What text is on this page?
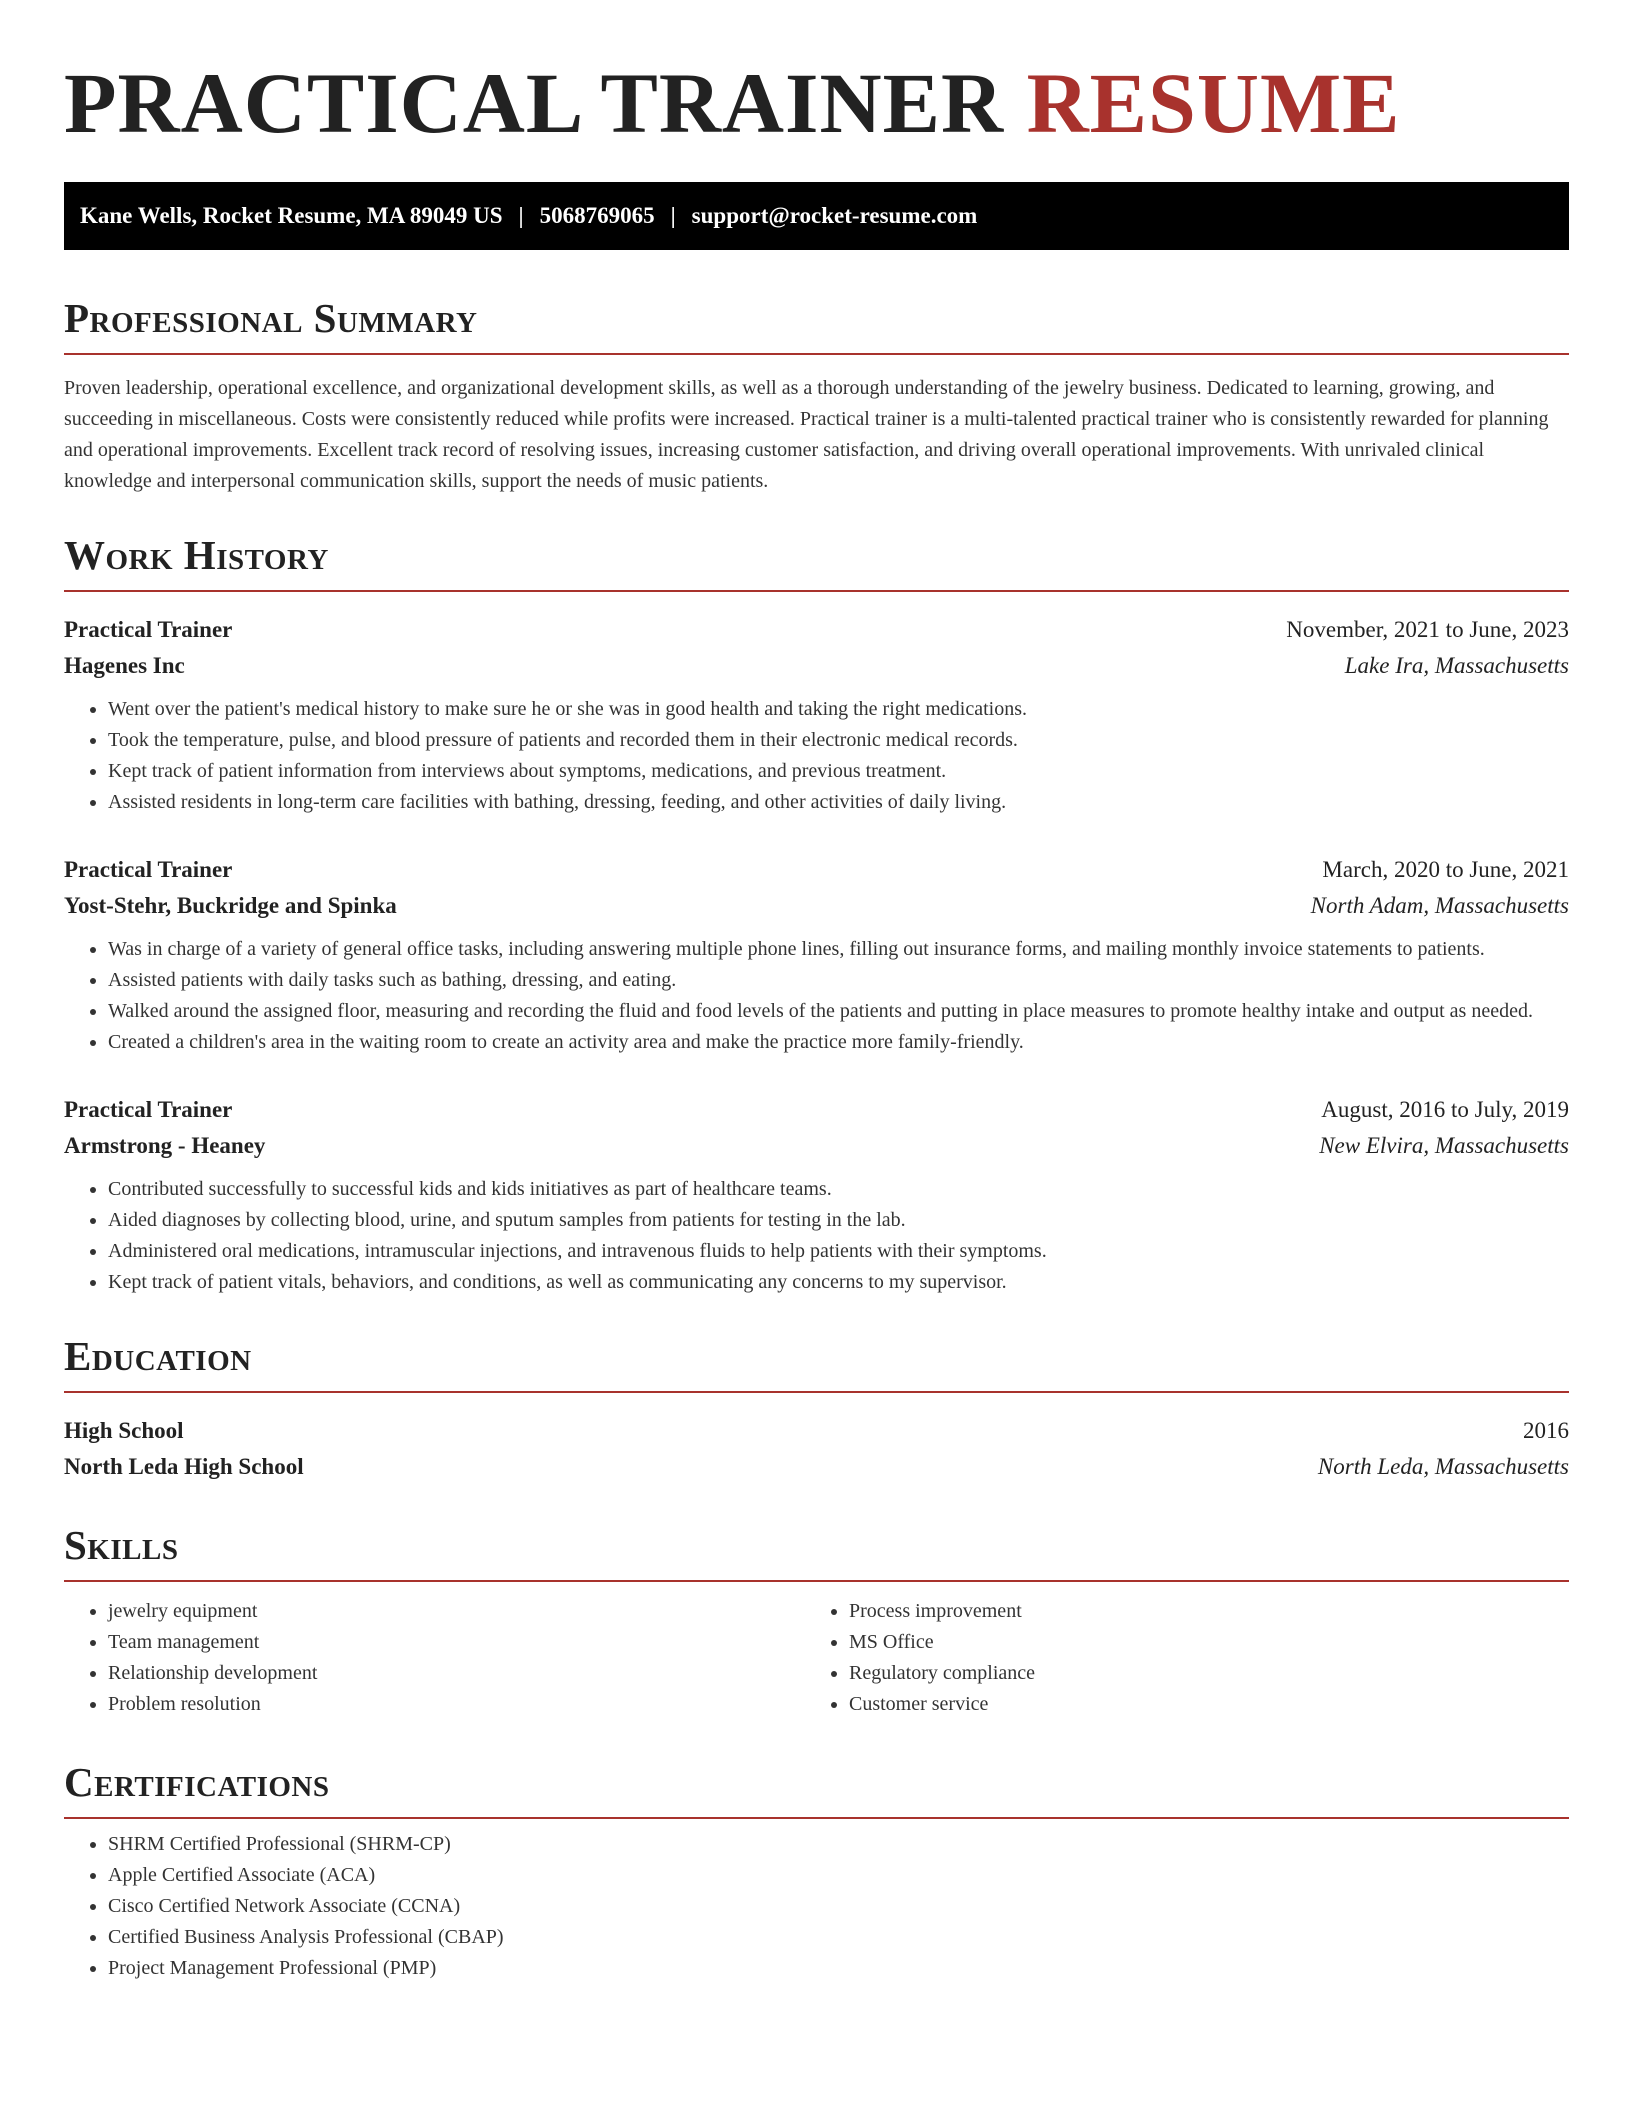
PRACTICAL TRAINER RESUME
Kane Wells, Rocket Resume, MA 89049 US | 5068769065 | support@rocket-resume.com
Professional Summary

Proven leadership, operational excellence, and organizational development skills, as well as a thorough understanding of the jewelry business. Dedicated to learning, growing, and succeeding in miscellaneous. Costs were consistently reduced while profits were increased. Practical trainer is a multi-talented practical trainer who is consistently rewarded for planning and operational improvements. Excellent track record of resolving issues, increasing customer satisfaction, and driving overall operational improvements. With unrivaled clinical knowledge and interpersonal communication skills, support the needs of music patients.

Work History
Practical Trainer	November, 2021 to June, 2023
Hagenes Inc	Lake Ira, Massachusetts
• Went over the patient's medical history to make sure he or she was in good health and taking the right medications.
• Took the temperature, pulse, and blood pressure of patients and recorded them in their electronic medical records.
• Kept track of patient information from interviews about symptoms, medications, and previous treatment.
• Assisted residents in long-term care facilities with bathing, dressing, feeding, and other activities of daily living.
Practical Trainer	March, 2020 to June, 2021
Yost-Stehr, Buckridge and Spinka	North Adam, Massachusetts
• Was in charge of a variety of general office tasks, including answering multiple phone lines, filling out insurance forms, and mailing monthly invoice statements to patients.
• Assisted patients with daily tasks such as bathing, dressing, and eating.
• Walked around the assigned floor, measuring and recording the fluid and food levels of the patients and putting in place measures to promote healthy intake and output as needed.
• Created a children's area in the waiting room to create an activity area and make the practice more family-friendly.
Practical Trainer	August, 2016 to July, 2019
Armstrong - Heaney	New Elvira, Massachusetts
• Contributed successfully to successful kids and kids initiatives as part of healthcare teams.
• Aided diagnoses by collecting blood, urine, and sputum samples from patients for testing in the lab.
• Administered oral medications, intramuscular injections, and intravenous fluids to help patients with their symptoms.
• Kept track of patient vitals, behaviors, and conditions, as well as communicating any concerns to my supervisor.
Education
High School	2016
North Leda High School	North Leda, Massachusetts
Skills
• jewelry equipment
• Team management
• Relationship development
• Problem resolution
• Process improvement
• MS Office
• Regulatory compliance
• Customer service
Certifications
• SHRM Certified Professional (SHRM-CP)
• Apple Certified Associate (ACA)
• Cisco Certified Network Associate (CCNA)
• Certified Business Analysis Professional (CBAP)
• Project Management Professional (PMP)
